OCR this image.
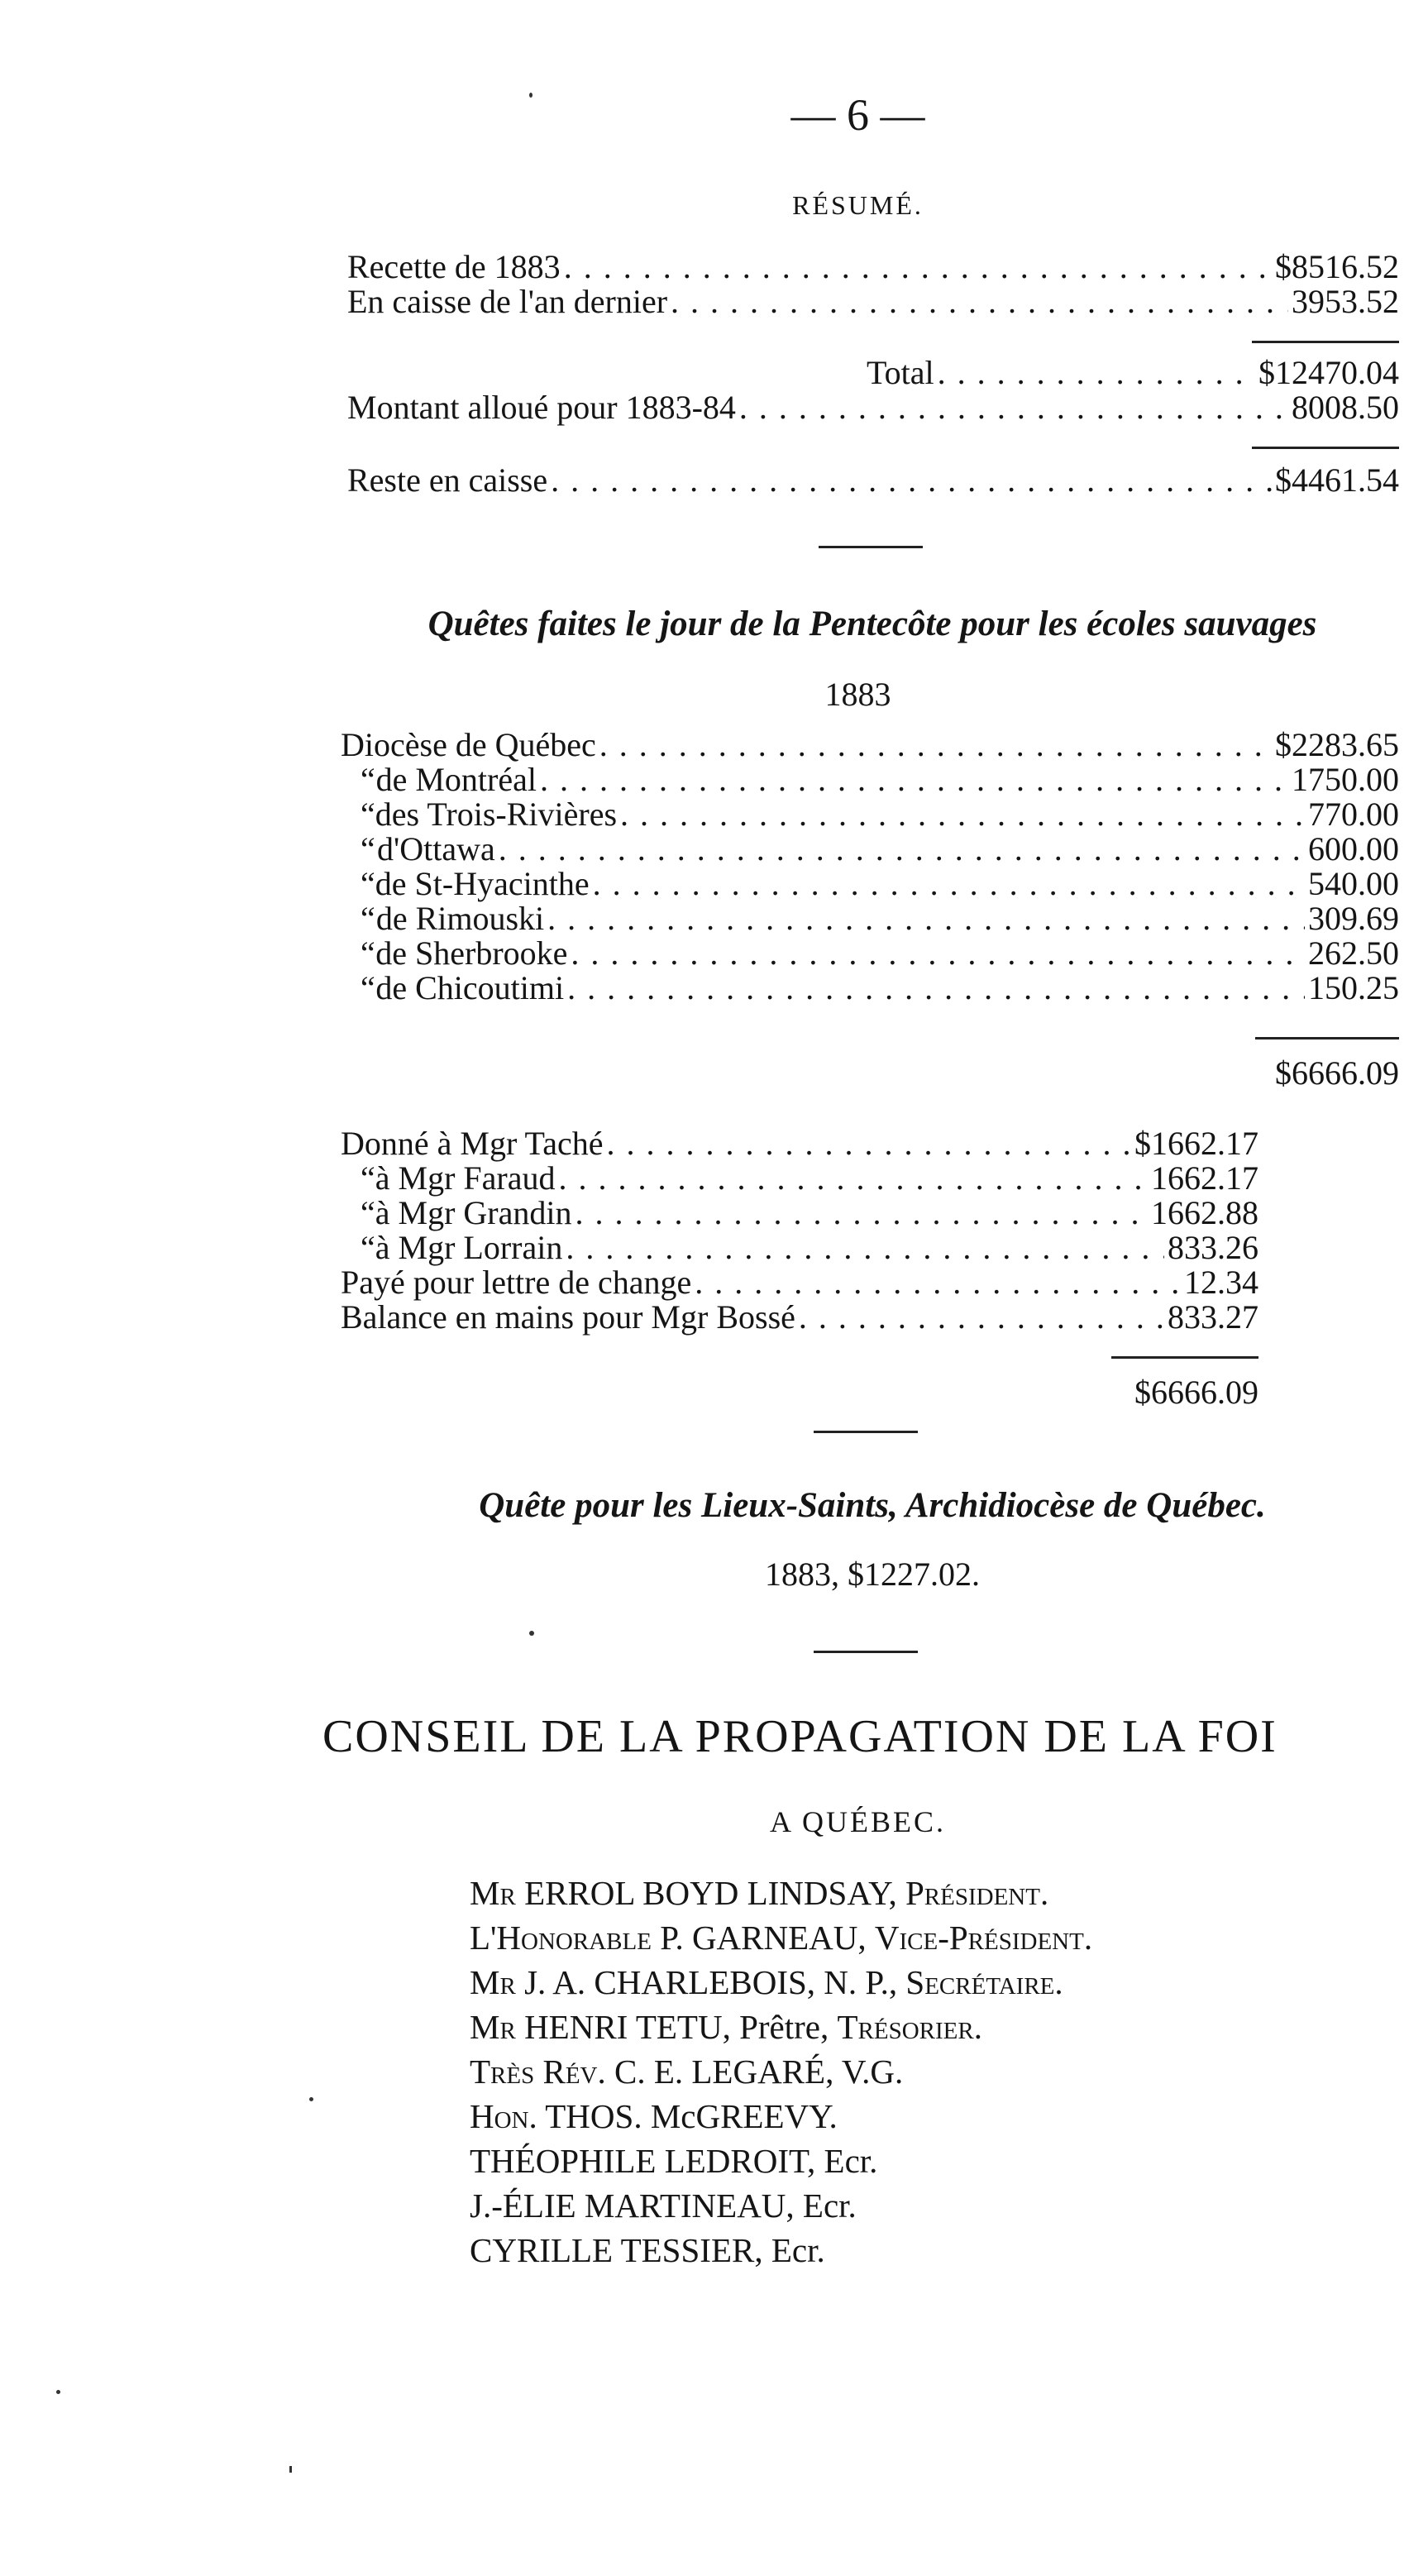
— 6 —
RÉSUMÉ.
Recette de 1883 . . .	$8516.52
En caisse de l'an dernier . . .	3953.52
Total . . .	$12470.04
Montant alloué pour 1883-84 . . .	8008.50
Reste en caisse . . .	$4461.54
Quêtes faites le jour de la Pentecôte pour les écoles sauvages
1883
Diocèse de Québec . . .	$2283.65
“ de Montréal . . .	1750.00
“ des Trois-Rivières . . .	770.00
“ d'Ottawa . . .	600.00
“ de St-Hyacinthe . . .	540.00
“ de Rimouski . . .	309.69
“ de Sherbrooke . . .	262.50
“ de Chicoutimi . . .	150.25
$6666.09
Donné à Mgr Taché . . .	$1662.17
“ à Mgr Faraud . . .	1662.17
“ à Mgr Grandin . . .	1662.88
“ à Mgr Lorrain . . .	833.26
Payé pour lettre de change . . .	12.34
Balance en mains pour Mgr Bossé . . .	833.27
$6666.09
Quête pour les Lieux-Saints, Archidiocèse de Québec.
1883, $1227.02.
CONSEIL DE LA PROPAGATION DE LA FOI
A QUÉBEC.
Mr ERROL BOYD LINDSAY, Président.
L'Honorable P. GARNEAU, Vice-Président.
Mr J. A. CHARLEBOIS, N. P., Secrétaire.
Mr HENRI TETU, Prêtre, Trésorier.
Très Rév. C. E. LEGARÉ, V.G.
Hon. THOS. McGREEVY.
THÉOPHILE LEDROIT, Ecr.
J.-ÉLIE MARTINEAU, Ecr.
CYRILLE TESSIER, Ecr.
